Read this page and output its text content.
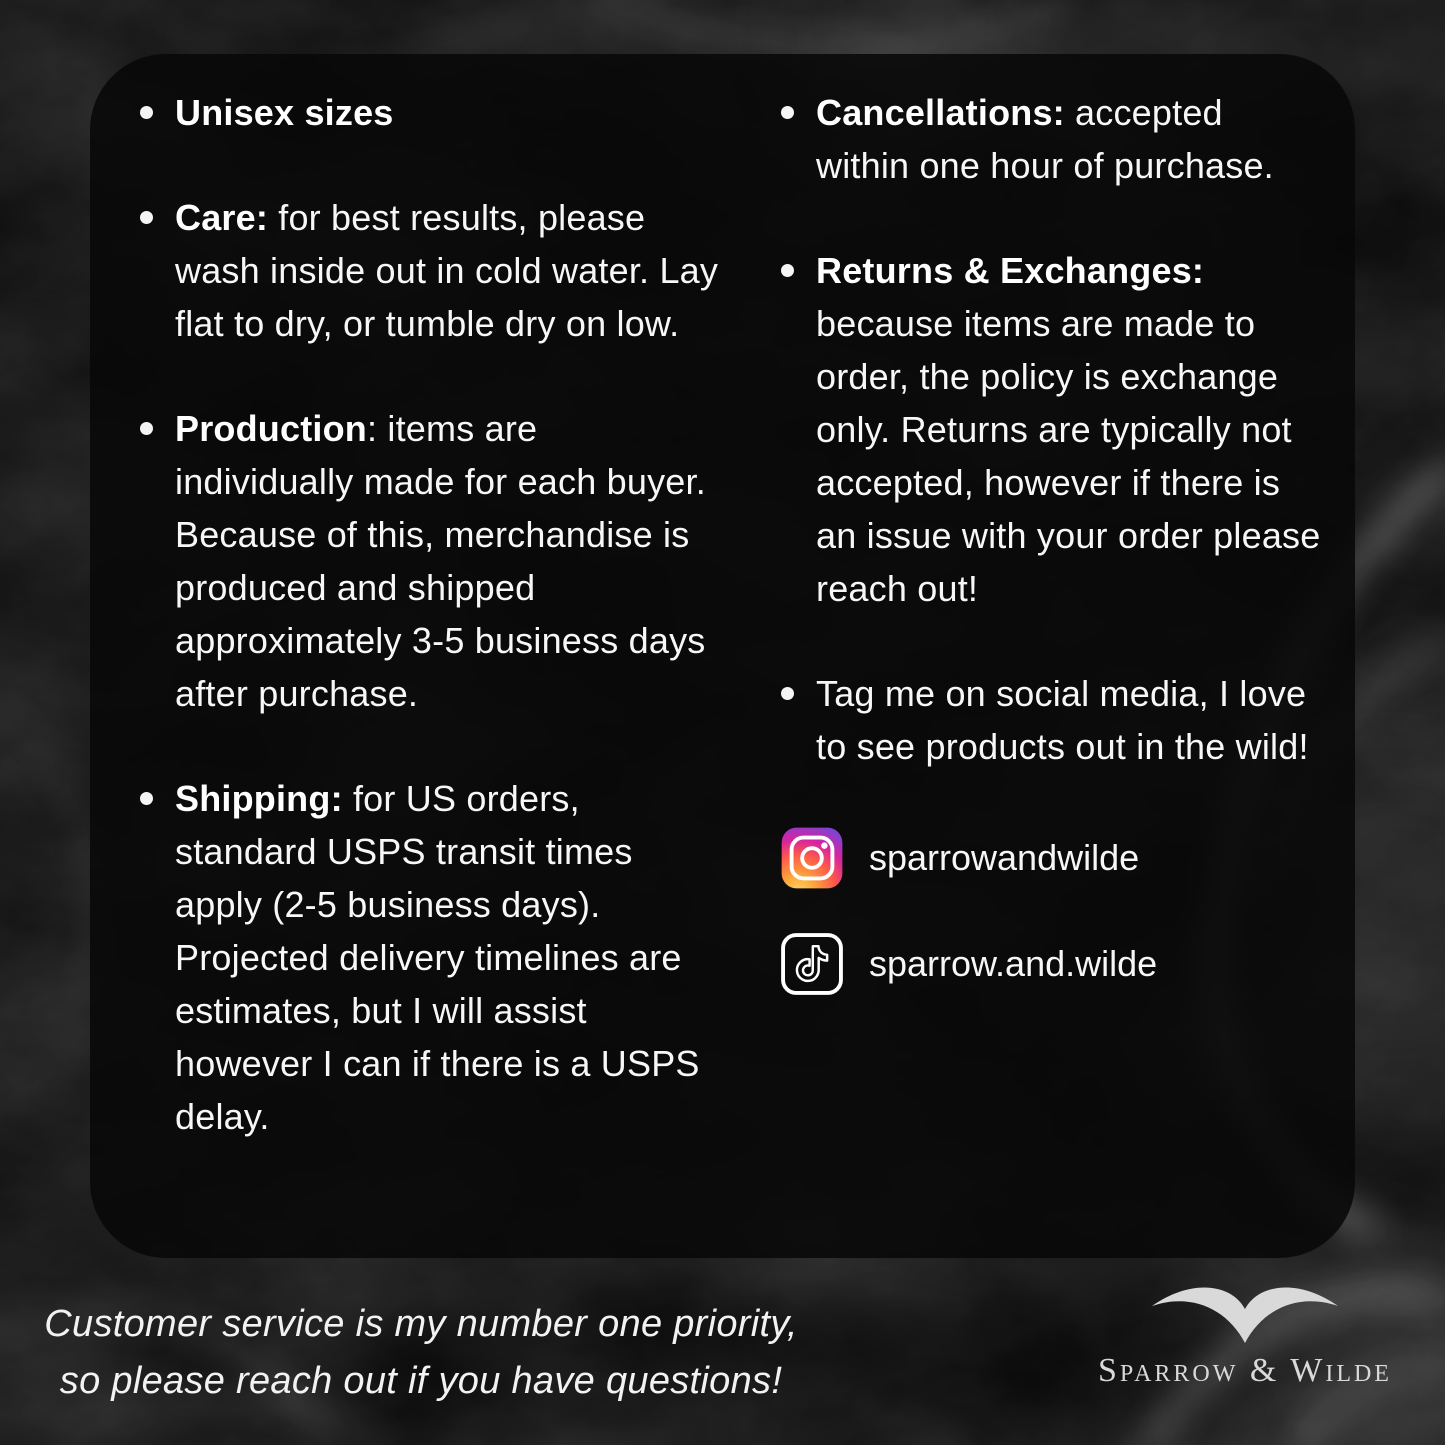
Unisex sizes

Care: for best results, please wash inside out in cold water. Lay flat to dry, or tumble dry on low.

Production: items are individually made for each buyer. Because of this, merchandise is produced and shipped approximately 3-5 business days after purchase.

Shipping: for US orders, standard USPS transit times apply (2-5 business days). Projected delivery timelines are estimates, but I will assist however I can if there is a USPS delay.

Cancellations: accepted within one hour of purchase.

Returns & Exchanges: because items are made to order, the policy is exchange only. Returns are typically not accepted, however if there is an issue with your order please reach out!

Tag me on social media, I love to see products out in the wild!

sparrowandwilde
sparrow.and.wilde
Customer service is my number one priority,
so please reach out if you have questions!	Sparrow & Wilde
